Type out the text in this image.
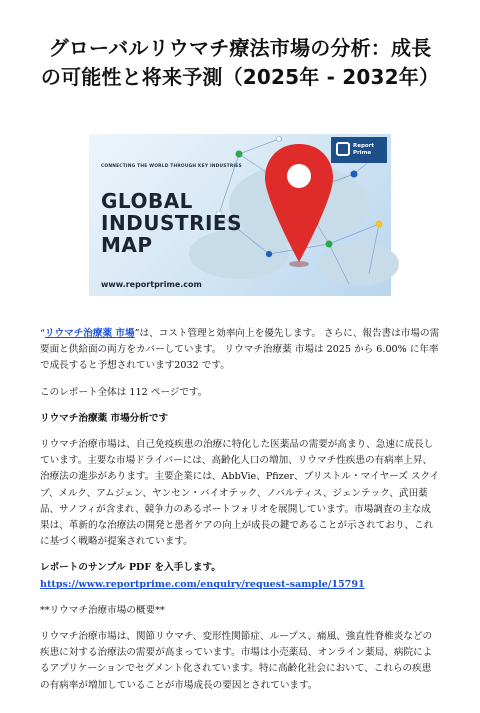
グローバルリウマチ療法市場の分析：成長の可能性と将来予測（2025年 - 2032年）
CONNECTING THE WORLD THROUGH KEY INDUSTRIES
GLOBAL
INDUSTRIES
MAP
www.reportprime.com
Report
Prime

“リウマチ治療薬 市場”は、コスト管理と効率向上を優先します。 さらに、報告書は市場の需要面と供給面の両方をカバーしています。 リウマチ治療薬 市場は 2025 から 6.00% に年率で成長すると予想されています2032 です。

このレポート全体は 112 ページです。

リウマチ治療薬 市場分析です

リウマチ治療市場は、自己免疫疾患の治療に特化した医薬品の需要が高まり、急速に成長しています。主要な市場ドライバーには、高齢化人口の増加、リウマチ性疾患の有病率上昇、治療法の進歩があります。主要企業には、AbbVie、Pfizer、ブリストル・マイヤーズ スクイブ、メルク、アムジェン、ヤンセン・バイオテック、ノバルティス、ジェンテック、武田薬品、サノフィが含まれ、競争力のあるポートフォリオを展開しています。市場調査の主な成果は、革新的な治療法の開発と患者ケアの向上が成長の鍵であることが示されており、これに基づく戦略が提案されています。

レポートのサンプル PDF を入手します。 https://www.reportprime.com/enquiry/request-sample/15791

**リウマチ治療市場の概要**

リウマチ治療市場は、関節リウマチ、変形性関節症、ループス、痛風、強直性脊椎炎などの疾患に対する治療法の需要が高まっています。市場は小売薬局、オンライン薬局、病院によるアプリケーションでセグメント化されています。特に高齢化社会において、これらの疾患の有病率が増加していることが市場成長の要因とされています。
